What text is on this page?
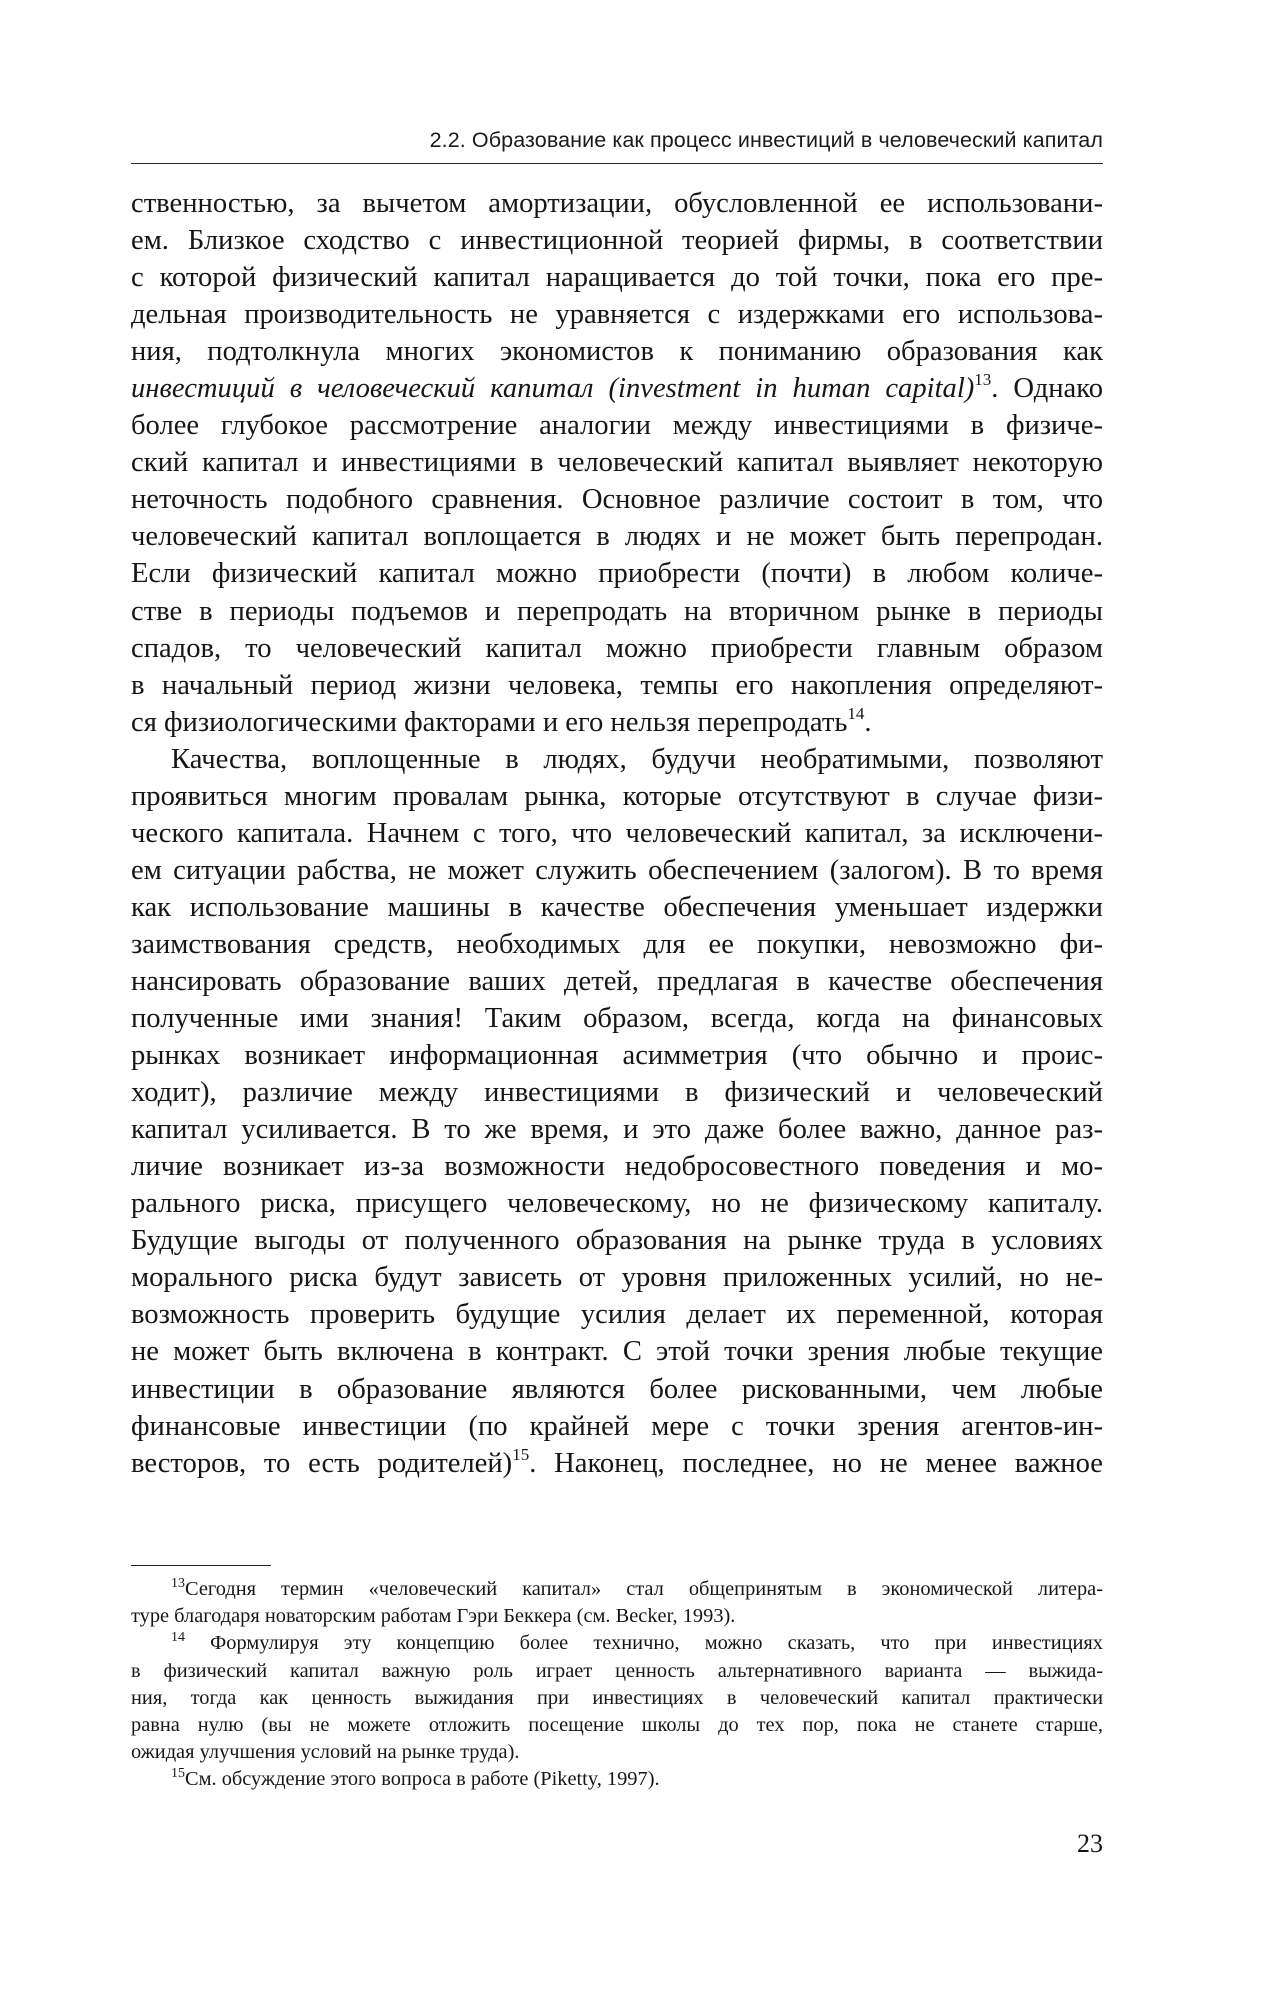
2.2. Образование как процесс инвестиций в человеческий капитал
ственностью, за вычетом амортизации, обусловленной ее использовани-
ем. Близкое сходство с инвестиционной теорией фирмы, в соответствии
с которой физический капитал наращивается до той точки, пока его пре-
дельная производительность не уравняется с издержками его использова-
ния, подтолкнула многих экономистов к пониманию образования как
инвестиций в человеческий капитал (investment in human capital)$^{13}$. Однако
более глубокое рассмотрение аналогии между инвестициями в физиче-
ский капитал и инвестициями в человеческий капитал выявляет некоторую
неточность подобного сравнения. Основное различие состоит в том, что
человеческий капитал воплощается в людях и не может быть перепродан.
Если физический капитал можно приобрести (почти) в любом количе-
стве в периоды подъемов и перепродать на вторичном рынке в периоды
спадов, то человеческий капитал можно приобрести главным образом
в начальный период жизни человека, темпы его накопления определяют-
ся физиологическими факторами и его нельзя перепродать$^{14}$.
Качества, воплощенные в людях, будучи необратимыми, позволяют
проявиться многим провалам рынка, которые отсутствуют в случае физи-
ческого капитала. Начнем с того, что человеческий капитал, за исключени-
ем ситуации рабства, не может служить обеспечением (залогом). В то время
как использование машины в качестве обеспечения уменьшает издержки
заимствования средств, необходимых для ее покупки, невозможно фи-
нансировать образование ваших детей, предлагая в качестве обеспечения
полученные ими знания! Таким образом, всегда, когда на финансовых
рынках возникает информационная асимметрия (что обычно и проис-
ходит), различие между инвестициями в физический и человеческий
капитал усиливается. В то же время, и это даже более важно, данное раз-
личие возникает из-за возможности недобросовестного поведения и мо-
рального риска, присущего человеческому, но не физическому капиталу.
Будущие выгоды от полученного образования на рынке труда в условиях
морального риска будут зависеть от уровня приложенных усилий, но не-
возможность проверить будущие усилия делает их переменной, которая
не может быть включена в контракт. С этой точки зрения любые текущие
инвестиции в образование являются более рискованными, чем любые
финансовые инвестиции (по крайней мере с точки зрения агентов-ин-
весторов, то есть родителей)$^{15}$. Наконец, последнее, но не менее важное
$^{13}$Сегодня термин «человеческий капитал» стал общепринятым в экономической литера-
туре благодаря новаторским работам Гэри Беккера (см. Becker, 1993).
$^{14}$ Формулируя эту концепцию более технично, можно сказать, что при инвестициях
в физический капитал важную роль играет ценность альтернативного варианта — выжида-
ния, тогда как ценность выжидания при инвестициях в человеческий капитал практически
равна нулю (вы не можете отложить посещение школы до тех пор, пока не станете старше,
ожидая улучшения условий на рынке труда).
$^{15}$См. обсуждение этого вопроса в работе (Piketty, 1997).
23
